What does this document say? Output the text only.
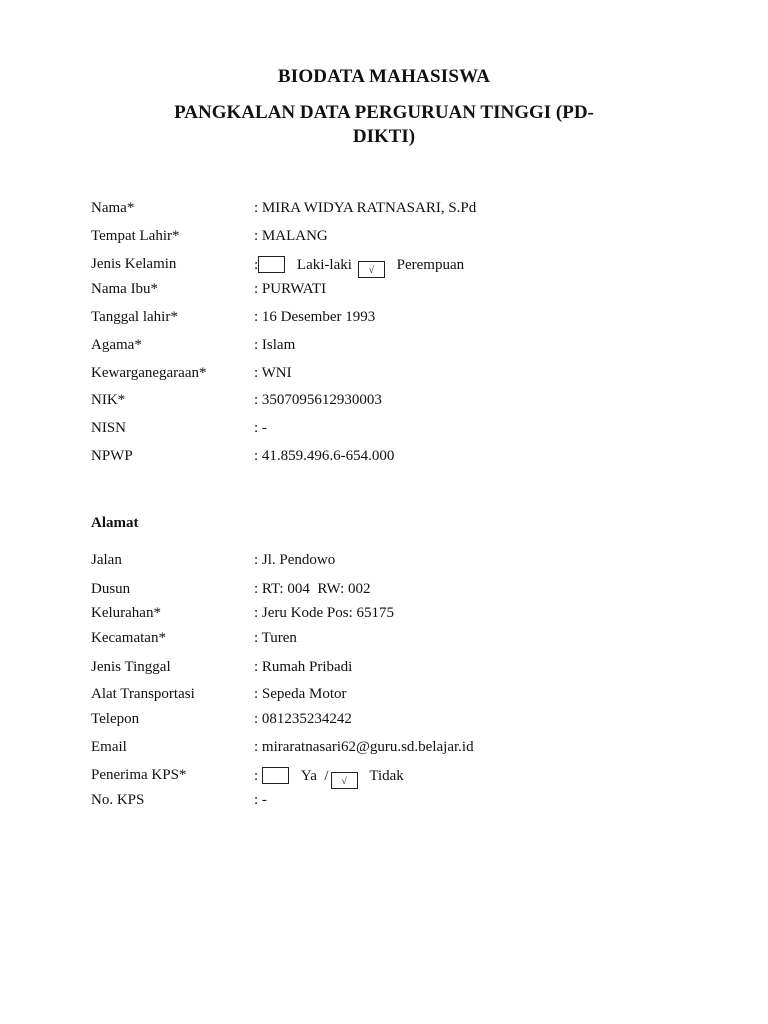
BIODATA MAHASISWA
PANGKALAN DATA PERGURUAN TINGGI (PD-DIKTI)
Nama*	: MIRA WIDYA RATNASARI, S.Pd
Tempat Lahir*	: MALANG
Jenis Kelamin	:	Laki-laki √ Perempuan
Nama Ibu*	: PURWATI
Tanggal lahir*	: 16 Desember 1993
Agama*	: Islam
Kewarganegaraan*	: WNI
NIK*	: 3507095612930003
NISN	: -
NPWP	: 41.859.496.6-654.000
Alamat
Jalan	: Jl. Pendowo
Dusun	: RT: 004  RW: 002
Kelurahan*	: Jeru Kode Pos: 65175
Kecamatan*	: Turen
Jenis Tinggal	: Rumah Pribadi
Alat Transportasi	: Sepeda Motor
Telepon	: 081235234242
Email	: miraratnasari62@guru.sd.belajar.id
Penerima KPS*	:	Ya  / √ Tidak
No. KPS	: -
